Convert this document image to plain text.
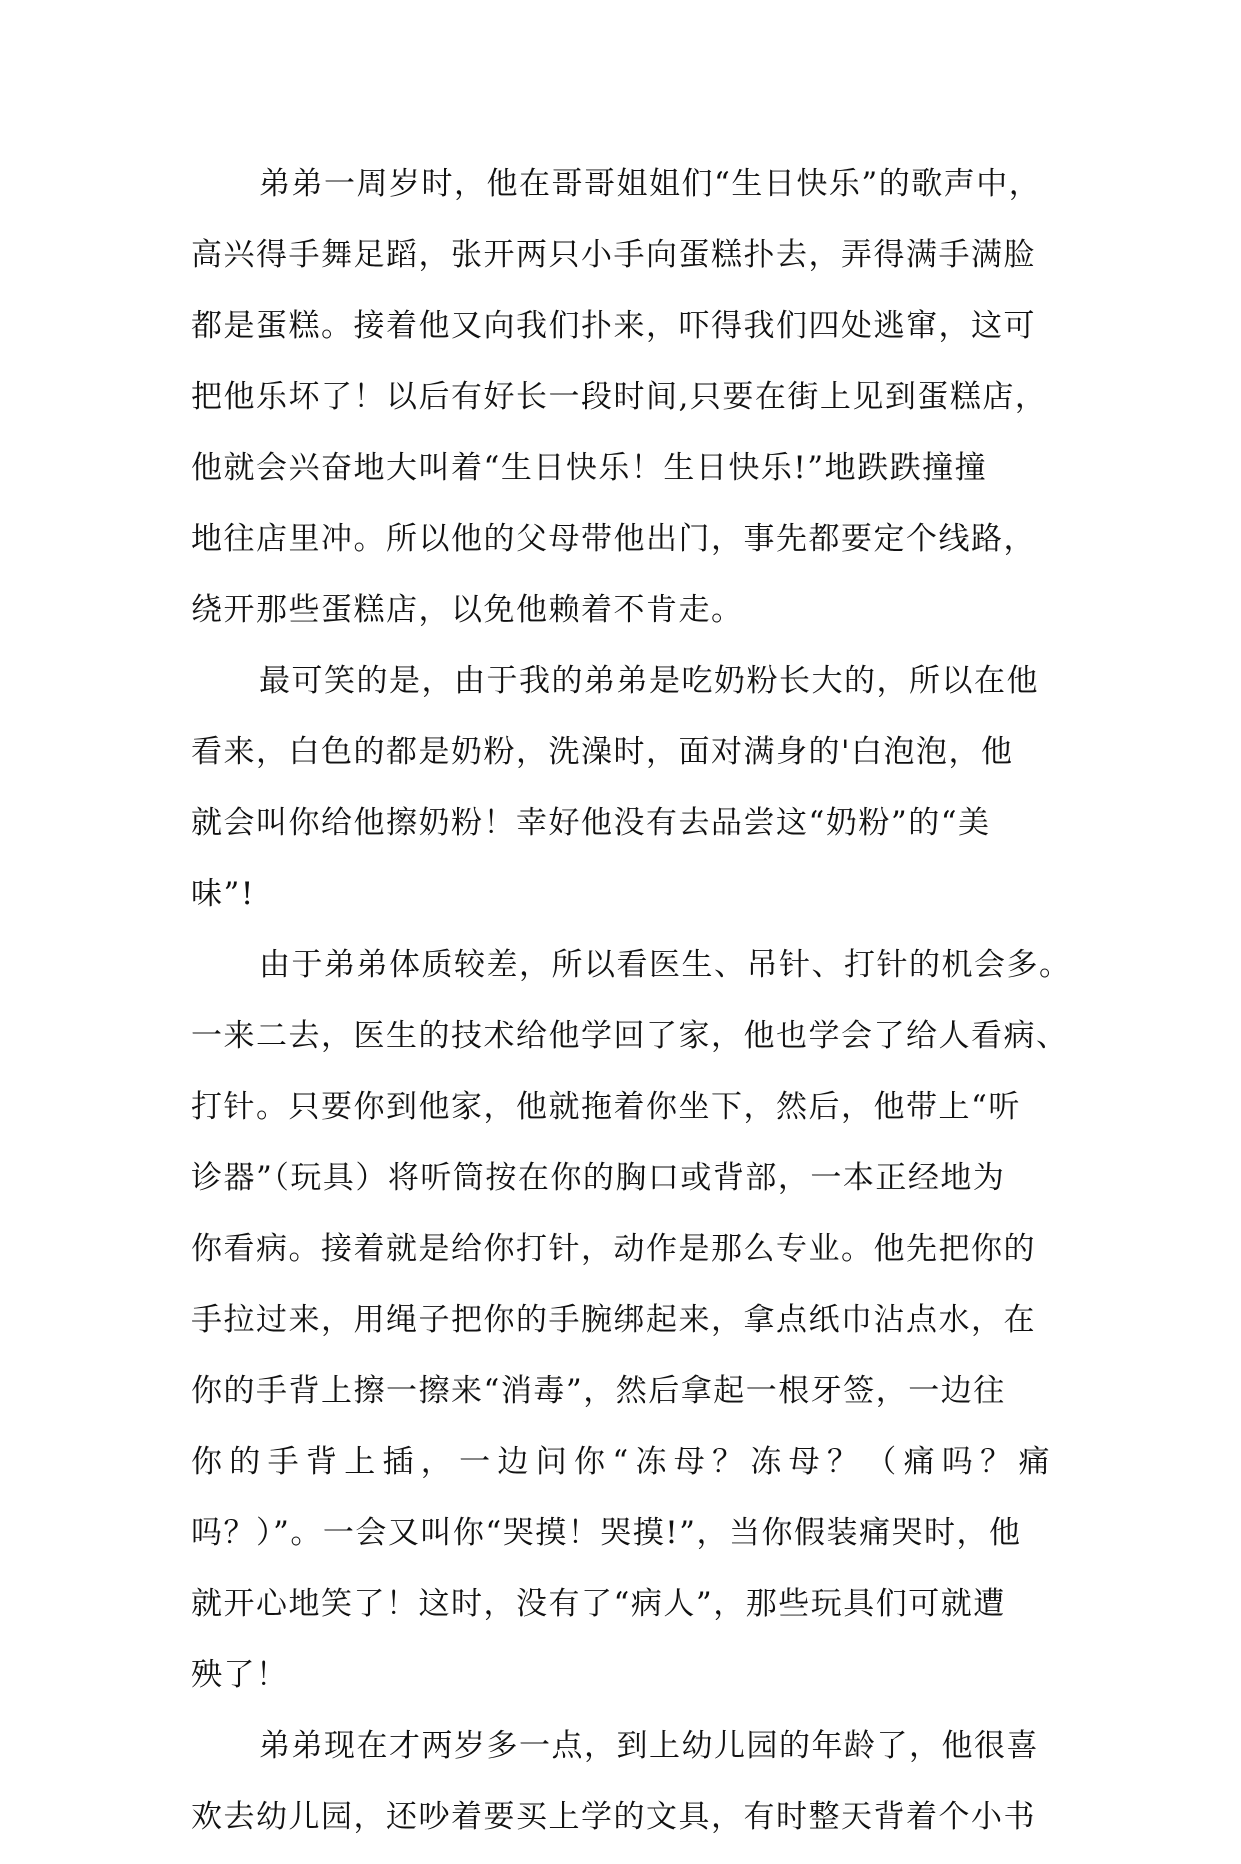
弟弟一周岁时，他在哥哥姐姐们“生日快乐”的歌声中，
高兴得手舞足蹈，张开两只小手向蛋糕扑去，弄得满手满脸
都是蛋糕。接着他又向我们扑来，吓得我们四处逃窜，这可
把他乐坏了！以后有好长一段时间,只要在街上见到蛋糕店，
他就会兴奋地大叫着“生日快乐！生日快乐!”地跌跌撞撞
地往店里冲。所以他的父母带他出门，事先都要定个线路，
绕开那些蛋糕店，以免他赖着不肯走。
最可笑的是，由于我的弟弟是吃奶粉长大的，所以在他
看来，白色的都是奶粉，洗澡时，面对满身的'白泡泡，他
就会叫你给他擦奶粉！幸好他没有去品尝这“奶粉”的“美
味”!
由于弟弟体质较差，所以看医生、吊针、打针的机会多。
一来二去，医生的技术给他学回了家，他也学会了给人看病、
打针。只要你到他家，他就拖着你坐下，然后，他带上“听
诊器”（玩具）将听筒按在你的胸口或背部，一本正经地为
你看病。接着就是给你打针，动作是那么专业。他先把你的
手拉过来，用绳子把你的手腕绑起来，拿点纸巾沾点水，在
你的手背上擦一擦来“消毒”，然后拿起一根牙签，一边往
你的手背上插，一边问你“冻母？冻母？（痛吗？痛
吗？）”。一会又叫你“哭摸！哭摸!”，当你假装痛哭时，他
就开心地笑了！这时，没有了“病人”，那些玩具们可就遭
殃了！
弟弟现在才两岁多一点，到上幼儿园的年龄了，他很喜
欢去幼儿园，还吵着要买上学的文具，有时整天背着个小书
